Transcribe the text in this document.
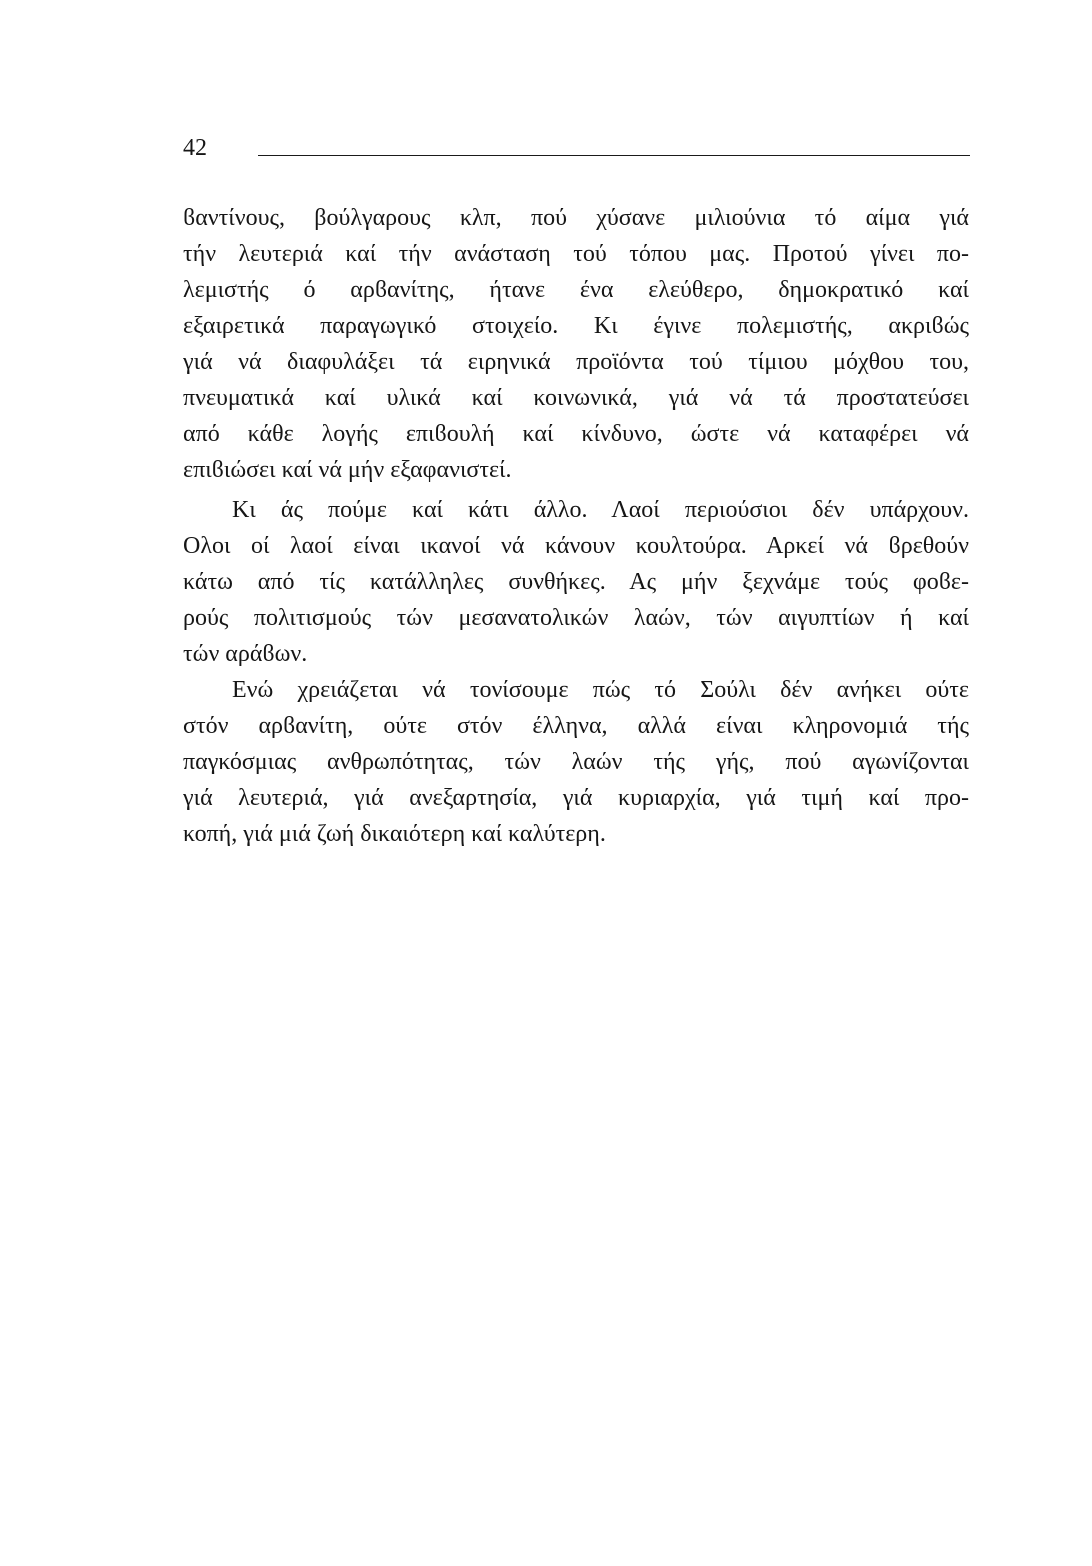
42
ϐαντίνους, βούλγαρους κλπ, πού χύσανε μιλιούνια τό αίμα γιά
τήν λευτεριά καί τήν ανάσταση τού τόπου μας. Προτού γίνει πο-
λεμιστής ό αρϐανίτης, ήτανε ένα ελεύθερο, δημοκρατικό καί
εξαιρετικά παραγωγικό στοιχείο. Κι έγινε πολεμιστής, ακριϐώς
γιά νά διαφυλάξει τά ειρηνικά προϊόντα τού τίμιου μόχθου του,
πνευματικά καί υλικά καί κοινωνικά, γιά νά τά προστατεύσει
από κάθε λογής επιϐουλή καί κίνδυνο, ώστε νά καταφέρει νά
επιϐιώσει καί νά μήν εξαφανιστεί.
Κι άς πούμε καί κάτι άλλο. Λαοί περιούσιοι δέν υπάρχουν.
Ολοι οί λαοί είναι ικανοί νά κάνουν κουλτούρα. Αρκεί νά ϐρεθούν
κάτω από τίς κατάλληλες συνθήκες. Ας μήν ξεχνάμε τούς φοϐε-
ρούς πολιτισμούς τών μεσανατολικών λαών, τών αιγυπτίων ή καί
τών αράϐων.
Ενώ χρειάζεται νά τονίσουμε πώς τό Σούλι δέν ανήκει ούτε
στόν αρϐανίτη, ούτε στόν έλληνα, αλλά είναι κληρονομιά τής
παγκόσμιας ανθρωπότητας, τών λαών τής γής, πού αγωνίζονται
γιά λευτεριά, γιά ανεξαρτησία, γιά κυριαρχία, γιά τιμή καί προ-
κοπή, γιά μιά ζωή δικαιότερη καί καλύτερη.
